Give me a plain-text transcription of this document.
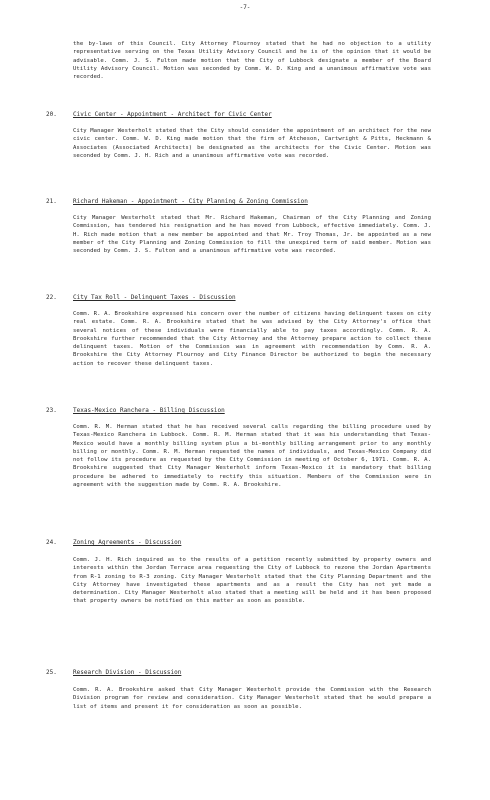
-7-

the by-laws of this Council. City Attorney Flournoy stated that he had no objection to a utility representative serving on the Texas Utility Advisory Council and he is of the opinion that it would be advisable. Comm. J. S. Fulton made motion that the City of Lubbock designate a member of the Board Utility Advisory Council. Motion was seconded by Comm. W. D. King and a unanimous affirmative vote was recorded.

20.	Civic Center - Appointment - Architect for Civic Center

City Manager Westerholt stated that the City should consider the appointment of an architect for the new civic center. Comm. W. D. King made motion that the firm of Atcheson, Cartwright & Pitts, Heckmann & Associates (Associated Architects) be designated as the architects for the Civic Center. Motion was seconded by Comm. J. H. Rich and a unanimous affirmative vote was recorded.

21.	Richard Hakeman - Appointment - City Planning & Zoning Commission

City Manager Westerholt stated that Mr. Richard Hakeman, Chairman of the City Planning and Zoning Commission, has tendered his resignation and he has moved from Lubbock, effective immediately. Comm. J. H. Rich made motion that a new member be appointed and that Mr. Troy Thomas, Jr. be appointed as a new member of the City Planning and Zoning Commission to fill the unexpired term of said member. Motion was seconded by Comm. J. S. Fulton and a unanimous affirmative vote was recorded.

22.	City Tax Roll - Delinquent Taxes - Discussion

Comm. R. A. Brookshire expressed his concern over the number of citizens having delinquent taxes on city real estate. Comm. R. A. Brookshire stated that he was advised by the City Attorney's office that several notices of these individuals were financially able to pay taxes accordingly. Comm. R. A. Brookshire further recommended that the City Attorney and the Attorney prepare action to collect these delinquent taxes. Motion of the Commission was in agreement with recommendation by Comm. R. A. Brookshire the City Attorney Flournoy and City Finance Director be authorized to begin the necessary action to recover these delinquent taxes.

23.	Texas-Mexico Ranchera - Billing Discussion

Comm. R. M. Herman stated that he has received several calls regarding the billing procedure used by Texas-Mexico Ranchera in Lubbock. Comm. R. M. Herman stated that it was his understanding that Texas-Mexico would have a monthly billing system plus a bi-monthly billing arrangement prior to any monthly billing or monthly. Comm. R. M. Herman requested the names of individuals, and Texas-Mexico Company did not follow its procedure as requested by the City Commission in meeting of October 6, 1971. Comm. R. A. Brookshire suggested that City Manager Westerholt inform Texas-Mexico it is mandatory that billing procedure be adhered to immediately to rectify this situation. Members of the Commission were in agreement with the suggestion made by Comm. R. A. Brookshire.

24.	Zoning Agreements - Discussion

Comm. J. H. Rich inquired as to the results of a petition recently submitted by property owners and interests within the Jordan Terrace area requesting the City of Lubbock to rezone the Jordan Apartments from R-1 zoning to R-3 zoning. City Manager Westerholt stated that the City Planning Department and the City Attorney have investigated these apartments and as a result the City has not yet made a determination. City Manager Westerholt also stated that a meeting will be held and it has been proposed that property owners be notified on this matter as soon as possible.

25.	Research Division - Discussion

Comm. R. A. Brookshire asked that City Manager Westerholt provide the Commission with the Research Division program for review and consideration. City Manager Westerholt stated that he would prepare a list of items and present it for consideration as soon as possible.
